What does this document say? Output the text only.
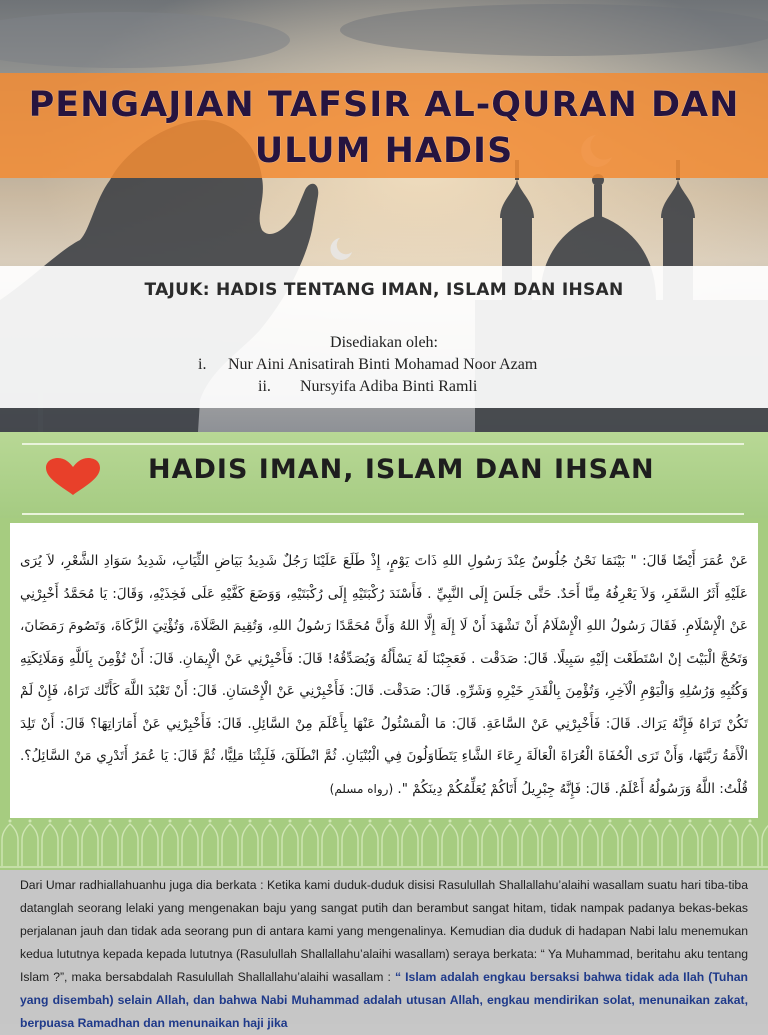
PENGAJIAN TAFSIR AL-QURAN DAN
ULUM HADIS
TAJUK: HADIS TENTANG IMAN, ISLAM DAN IHSAN
Disediakan oleh:
i. Nur Aini Anisatirah Binti Mohamad Noor Azam
ii. Nursyifa Adiba Binti Ramli
HADIS IMAN, ISLAM DAN IHSAN
عَنْ عُمَرَ أَيْضًا قَالَ: " بَيْنَمَا نَحْنُ جُلُوسٌ عِنْدَ رَسُولِ اللهِ ذَاتَ يَوْمٍ، إِذْ طَلَعَ عَلَيْنَا رَجُلٌ شَدِيدُ بَيَاضِ الثِّيَابِ، شَدِيدُ سَوَادِ الشَّعْرِ، لاَ يُرَى عَلَيْهِ أَثَرُ السَّفَرِ، وَلاَ يَعْرِفُهُ مِنَّا أَحَدٌ. حَتَّى جَلَسَ إِلَى النَّبِيِّ . فَأَسْنَدَ رُكْبَتَيْهِ إِلَى رُكْبَتَيْهِ، وَوَضَعَ كَفَّيْهِ عَلَى فَخِذَيْهِ، وَقَالَ: يَا مُحَمَّدُ أَخْبِرْنِي عَنْ الْإِسْلَامِ. فَقَالَ رَسُولُ اللهِ الْإِسْلَامُ أَنْ تَشْهَدَ أَنْ لَا إِلَهَ إِلَّا اللهُ وَأَنَّ مُحَمَّدًا رَسُولُ اللهِ، وَتُقِيمَ الصَّلَاةَ، وَتُؤْتِيَ الزَّكَاةَ، وَتَصُومَ رَمَضَانَ، وَتَحُجَّ الْبَيْتَ إنْ اسْتَطَعْت إلَيْهِ سَبِيلًا. قَالَ: صَدَقْت . فَعَجِبْنَا لَهُ يَسْأَلُهُ وَيُصَدِّقُهُ! قَالَ: فَأَخْبِرْنِي عَنْ الْإِيمَانِ. قَالَ: أَنْ تُؤْمِنَ بِاَللَّهِ وَمَلَائِكَتِهِ وَكُتُبِهِ وَرُسُلِهِ وَالْيَوْمِ الْآخِرِ، وَتُؤْمِنَ بِالْقَدَرِ خَيْرِهِ وَشَرِّهِ. قَالَ: صَدَقْت. قَالَ: فَأَخْبِرْنِي عَنْ الْإِحْسَانِ. قَالَ: أَنْ تَعْبُدَ اللَّهَ كَأَنَّك تَرَاهُ، فَإِنْ لَمْ تَكُنْ تَرَاهُ فَإِنَّهُ يَرَاك. قَالَ: فَأَخْبِرْنِي عَنْ السَّاعَةِ. قَالَ: مَا الْمَسْئُولُ عَنْهَا بِأَعْلَمَ مِنْ السَّائِلِ. قَالَ: فَأَخْبِرْنِي عَنْ أَمَارَاتِهَا؟ قَالَ: أَنْ تَلِدَ الْأَمَةُ رَبَّتَهَا، وَأَنْ تَرَى الْحُفَاةَ الْعُرَاةَ الْعَالَةَ رِعَاءَ الشَّاءِ يَتَطَاوَلُونَ فِي الْبُنْيَانِ. ثُمَّ انْطَلَقَ، فَلَبِثْنَا مَلِيًّا، ثُمَّ قَالَ: يَا عُمَرُ أَتَدْرِي مَنْ السَّائِلُ؟. قُلْتُ: اللَّهُ وَرَسُولُهُ أَعْلَمُ. قَالَ: فَإِنَّهُ جِبْرِيلُ أَتَاكُمْ يُعَلِّمُكُمْ دِينَكُمْ ". (رواه مسلم)

Dari Umar radhiallahuanhu juga dia berkata : Ketika kami duduk-duduk disisi Rasulullah Shallallahu’alaihi wasallam suatu hari tiba-tiba datanglah seorang lelaki yang mengenakan baju yang sangat putih dan berambut sangat hitam, tidak nampak padanya bekas-bekas perjalanan jauh dan tidak ada seorang pun di antara kami yang mengenalinya. Kemudian dia duduk di hadapan Nabi lalu menemukan kedua lututnya kepada kepada lututnya (Rasulullah Shallallahu’alaihi wasallam) seraya berkata: “ Ya Muhammad, beritahu aku tentang Islam ?”, maka bersabdalah Rasulullah Shallallahu’alaihi wasallam : “ Islam adalah engkau bersaksi bahwa tidak ada Ilah (Tuhan yang disembah) selain Allah, dan bahwa Nabi Muhammad adalah utusan Allah, engkau mendirikan solat, menunaikan zakat, berpuasa Ramadhan dan menunaikan haji jika
